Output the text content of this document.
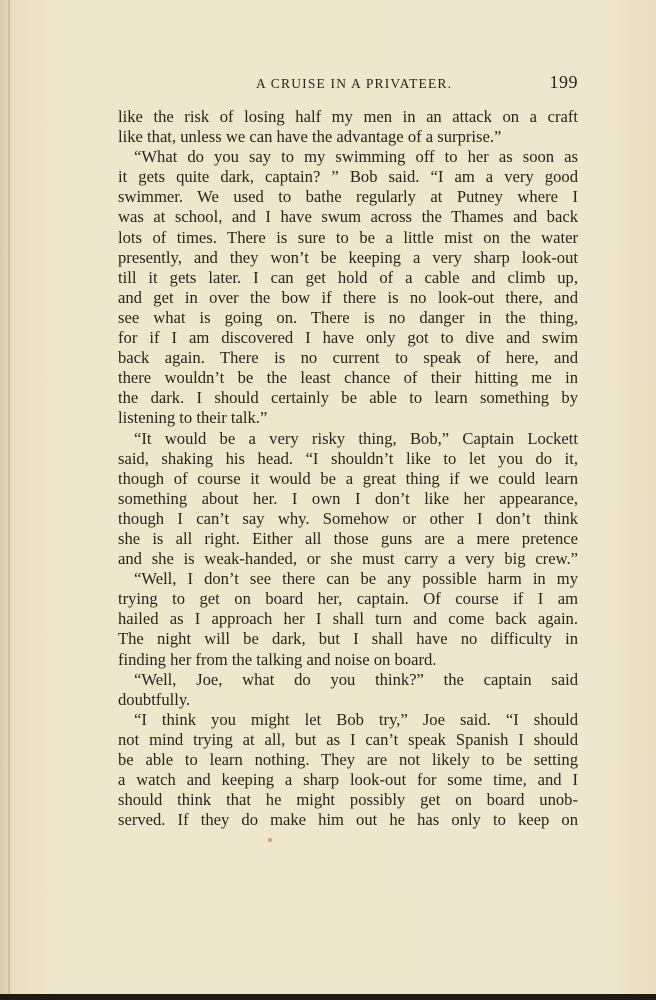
A CRUISE IN A PRIVATEER.	199
like the risk of losing half my men in an attack on a craft
like that, unless we can have the advantage of a surprise.”
“What do you say to my swimming off to her as soon as
it gets quite dark, captain? ” Bob said. “I am a very good
swimmer. We used to bathe regularly at Putney where I
was at school, and I have swum across the Thames and back
lots of times. There is sure to be a little mist on the water
presently, and they won’t be keeping a very sharp look-out
till it gets later. I can get hold of a cable and climb up,
and get in over the bow if there is no look-out there, and
see what is going on. There is no danger in the thing,
for if I am discovered I have only got to dive and swim
back again. There is no current to speak of here, and
there wouldn’t be the least chance of their hitting me in
the dark. I should certainly be able to learn something by
listening to their talk.”
“It would be a very risky thing, Bob,” Captain Lockett
said, shaking his head. “I shouldn’t like to let you do it,
though of course it would be a great thing if we could learn
something about her. I own I don’t like her appearance,
though I can’t say why. Somehow or other I don’t think
she is all right. Either all those guns are a mere pretence
and she is weak-handed, or she must carry a very big crew.”
“Well, I don’t see there can be any possible harm in my
trying to get on board her, captain. Of course if I am
hailed as I approach her I shall turn and come back again.
The night will be dark, but I shall have no difficulty in
finding her from the talking and noise on board.
“Well, Joe, what do you think?” the captain said
doubtfully.
“I think you might let Bob try,” Joe said. “I should
not mind trying at all, but as I can’t speak Spanish I should
be able to learn nothing. They are not likely to be setting
a watch and keeping a sharp look-out for some time, and I
should think that he might possibly get on board unob-
served. If they do make him out he has only to keep on
